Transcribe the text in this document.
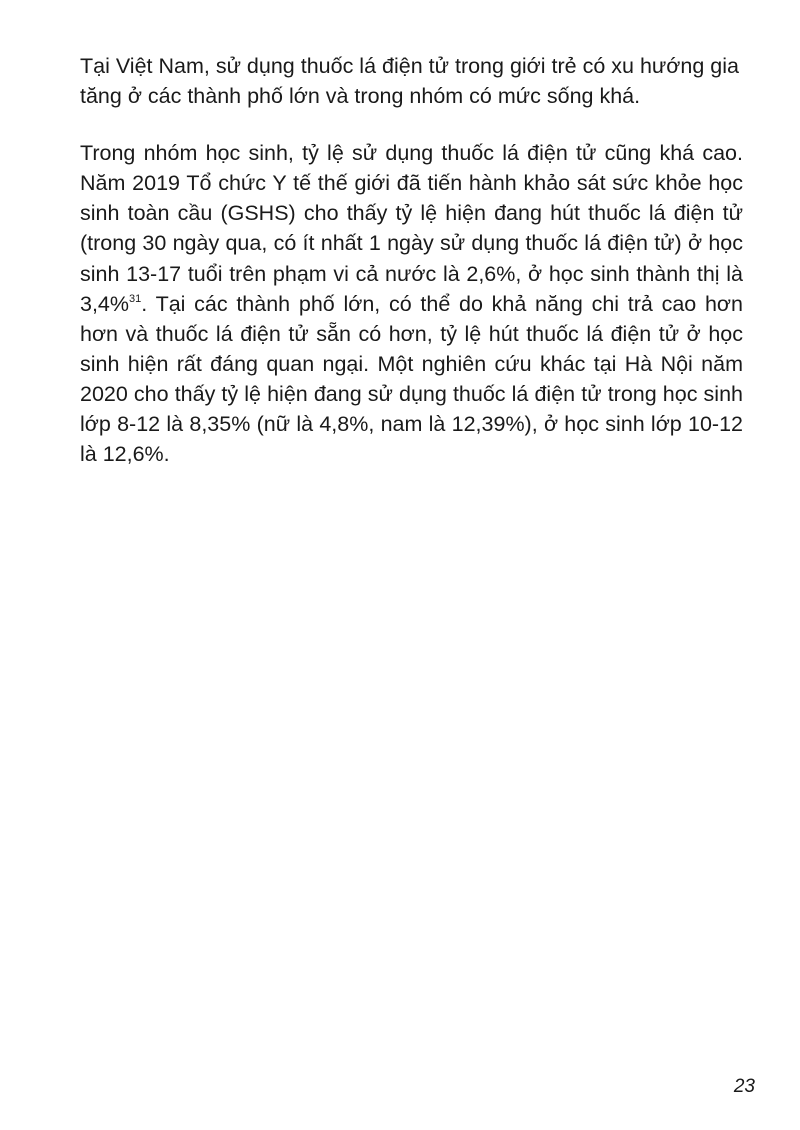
Tại Việt Nam, sử dụng thuốc lá điện tử trong giới trẻ có xu hướng gia tăng ở các thành phố lớn và trong nhóm có mức sống khá.

Trong nhóm học sinh, tỷ lệ sử dụng thuốc lá điện tử cũng khá cao. Năm 2019 Tổ chức Y tế thế giới đã tiến hành khảo sát sức khỏe học sinh toàn cầu (GSHS) cho thấy tỷ lệ hiện đang hút thuốc lá điện tử (trong 30 ngày qua, có ít nhất 1 ngày sử dụng thuốc lá điện tử) ở học sinh 13-17 tuổi trên phạm vi cả nước là 2,6%, ở học sinh thành thị là 3,4%$^{31}$. Tại các thành phố lớn, có thể do khả năng chi trả cao hơn hơn và thuốc lá điện tử sẵn có hơn, tỷ lệ hút thuốc lá điện tử ở học sinh hiện rất đáng quan ngại. Một nghiên cứu khác tại Hà Nội năm 2020 cho thấy tỷ lệ hiện đang sử dụng thuốc lá điện tử trong học sinh lớp 8-12 là 8,35% (nữ là 4,8%, nam là 12,39%), ở học sinh lớp 10-12 là 12,6%.

23
